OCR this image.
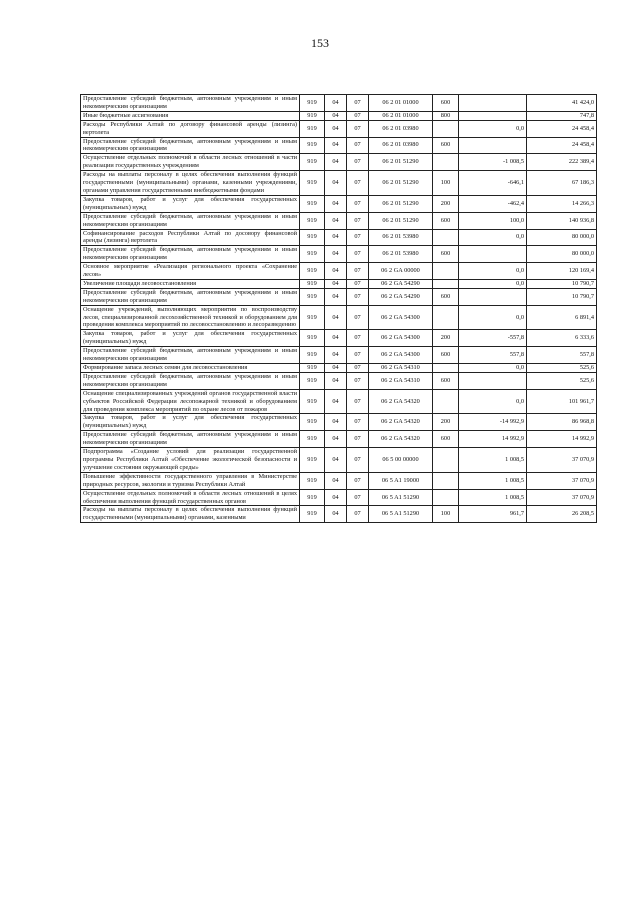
153
Предоставление субсидий бюджетным, автономным учреждениям и иным некоммерческим организациям	919	04	07	06 2 01 01000	600		41 424,0
Иные бюджетные ассигнования	919	04	07	06 2 01 01000	800		747,8
Расходы Республики Алтай по договору финансовой аренды (лизинга) вертолета	919	04	07	06 2 01 03980		0,0	24 458,4
Предоставление субсидий бюджетным, автономным учреждениям и иным некоммерческим организациям	919	04	07	06 2 01 03980	600		24 458,4
Осуществление отдельных полномочий в области лесных отношений в части реализации государственных учреждениям	919	04	07	06 2 01 51290		-1 008,5	222 389,4
Расходы на выплаты персоналу в целях обеспечения выполнения функций государственными (муниципальными) органами, казенными учреждениями, органами управления государственными внебюджетными фондами	919	04	07	06 2 01 51290	100	-646,1	67 186,3
Закупка товаров, работ и услуг для обеспечения государственных (муниципальных) нужд	919	04	07	06 2 01 51290	200	-462,4	14 266,3
Предоставление субсидий бюджетным, автономным учреждениям и иным некоммерческим организациям	919	04	07	06 2 01 51290	600	100,0	140 936,8
Софинансирование расходов Республики Алтай по досовору финансовой аренды (лизинга) вертолета	919	04	07	06 2 01 53980		0,0	80 000,0
Предоставление субсидий бюджетным, автономным учреждениям и иным некоммерческим организациям	919	04	07	06 2 01 53980	600		80 000,0
Основное мероприятие «Реализация регионального проекта «Сохранение лесов»	919	04	07	06 2 GA 00000		0,0	120 169,4
Увеличение площади лесовосстановления	919	04	07	06 2 GA 54290		0,0	10 790,7
Предоставление субсидий бюджетным, автономным учреждениям и иным некоммерческим организациям	919	04	07	06 2 GA 54290	600		10 790,7
Оснащение учреждений, выполняющих мероприятия по воспроизводству лесов, специализированной лесохозяйственной техникой и оборудованием для проведения комплекса мероприятий по лесовосстановлению и лесоразведению	919	04	07	06 2 GA 54300		0,0	6 891,4
Закупка товаров, работ и услуг для обеспечения государственных (муниципальных) нужд	919	04	07	06 2 GA 54300	200	-557,8	6 333,6
Предоставление субсидий бюджетным, автономным учреждениям и иным некоммерческим организациям	919	04	07	06 2 GA 54300	600	557,8	557,8
Формирование запаса лесных семян для лесовосстановления	919	04	07	06 2 GA 54310		0,0	525,6
Предоставление субсидий бюджетным, автономным учреждениям и иным некоммерческим организациям	919	04	07	06 2 GA 54310	600		525,6
Оснащение специализированных учреждений органов государственной власти субъектов Российской Федерации лесопожарной техникой и оборудованием для проведения комплекса мероприятий по охране лесов от пожаров	919	04	07	06 2 GA 54320		0,0	101 961,7
Закупка товаров, работ и услуг для обеспечения государственных (муниципальных) нужд	919	04	07	06 2 GA 54320	200	-14 992,9	86 968,8
Предоставление субсидий бюджетным, автономным учреждениям и иным некоммерческим организациям	919	04	07	06 2 GA 54320	600	14 992,9	14 992,9
Подпрограмма «Создание условий для реализации государственной программы Республики Алтай «Обеспечение экологической безопасности и улучшение состояния окружающей среды»	919	04	07	06 5 00 00000		1 008,5	37 070,9
Повышение эффективности государственного управления в Министерстве природных ресурсов, экологии и туризма Республики Алтай	919	04	07	06 5 A1 19000		1 008,5	37 070,9
Осуществление отдельных полномочий в области лесных отношений в целях обеспечения выполнения функций государственных органов	919	04	07	06 5 A1 51290		1 008,5	37 070,9
Расходы на выплаты персоналу в целях обеспечения выполнения функций государственными (муниципальными) органами, казенными	919	04	07	06 5 A1 51290	100	961,7	26 208,5
